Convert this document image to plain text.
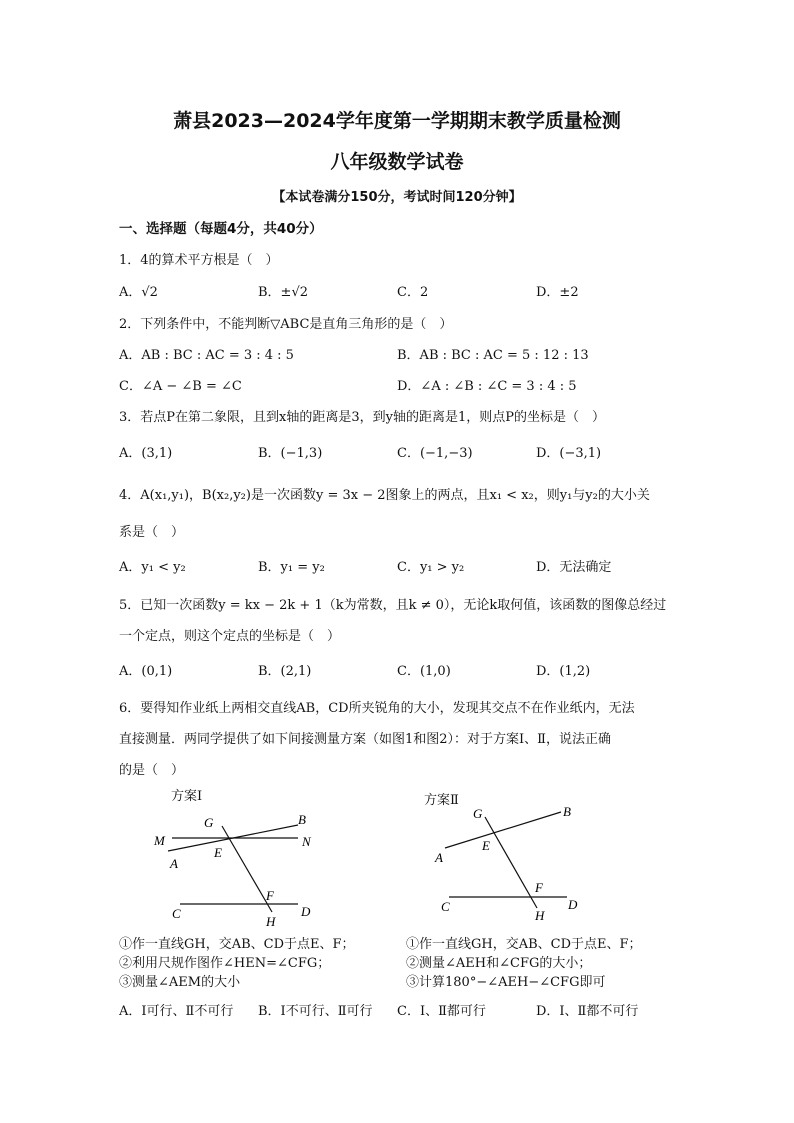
萧县2023—2024学年度第一学期期末教学质量检测
八年级数学试卷
【本试卷满分150分，考试时间120分钟】
一、选择题（每题4分，共40分）
1．4的算术平方根是（　）
A．√2	B．±√2	C．2	D．±2
2．下列条件中，不能判断▽ABC是直角三角形的是（　）
A．AB : BC : AC = 3 : 4 : 5	B．AB : BC : AC = 5 : 12 : 13
C．∠A − ∠B = ∠C	D．∠A : ∠B : ∠C = 3 : 4 : 5
3．若点P在第二象限，且到x轴的距离是3，到y轴的距离是1，则点P的坐标是（　）
A．(3,1)	B．(−1,3)	C．(−1,−3)	D．(−3,1)
4．A(x₁,y₁)，B(x₂,y₂)是一次函数y = 3x − 2图象上的两点，且x₁ < x₂，则y₁与y₂的大小关
系是（　）
A．y₁ < y₂	B．y₁ = y₂	C．y₁ > y₂	D．无法确定
5．已知一次函数y = kx − 2k + 1（k为常数，且k ≠ 0），无论k取何值，该函数的图像总经过
一个定点，则这个定点的坐标是（　）
A．(0,1)	B．(2,1)	C．(1,0)	D．(1,2)
6．要得知作业纸上两相交直线AB，CD所夹锐角的大小，发现其交点不在作业纸内，无法
直接测量．两同学提供了如下间接测量方案（如图1和图2）：对于方案Ⅰ、Ⅱ，说法正确
的是（　）
G	B
M	N
A
E
F
C	D
H
方案Ⅰ
G	B
A
E
F
C	D
H
方案Ⅱ
①作一直线GH，交AB、CD于点E、F；
②利用尺规作图作∠HEN=∠CFG；
③测量∠AEM的大小
①作一直线GH，交AB、CD于点E、F；
②测量∠AEH和∠CFG的大小；
③计算180°−∠AEH−∠CFG即可
A．Ⅰ可行、Ⅱ不可行 B．Ⅰ不可行、Ⅱ可行 C．Ⅰ、Ⅱ都可行	D．Ⅰ、Ⅱ都不可行
